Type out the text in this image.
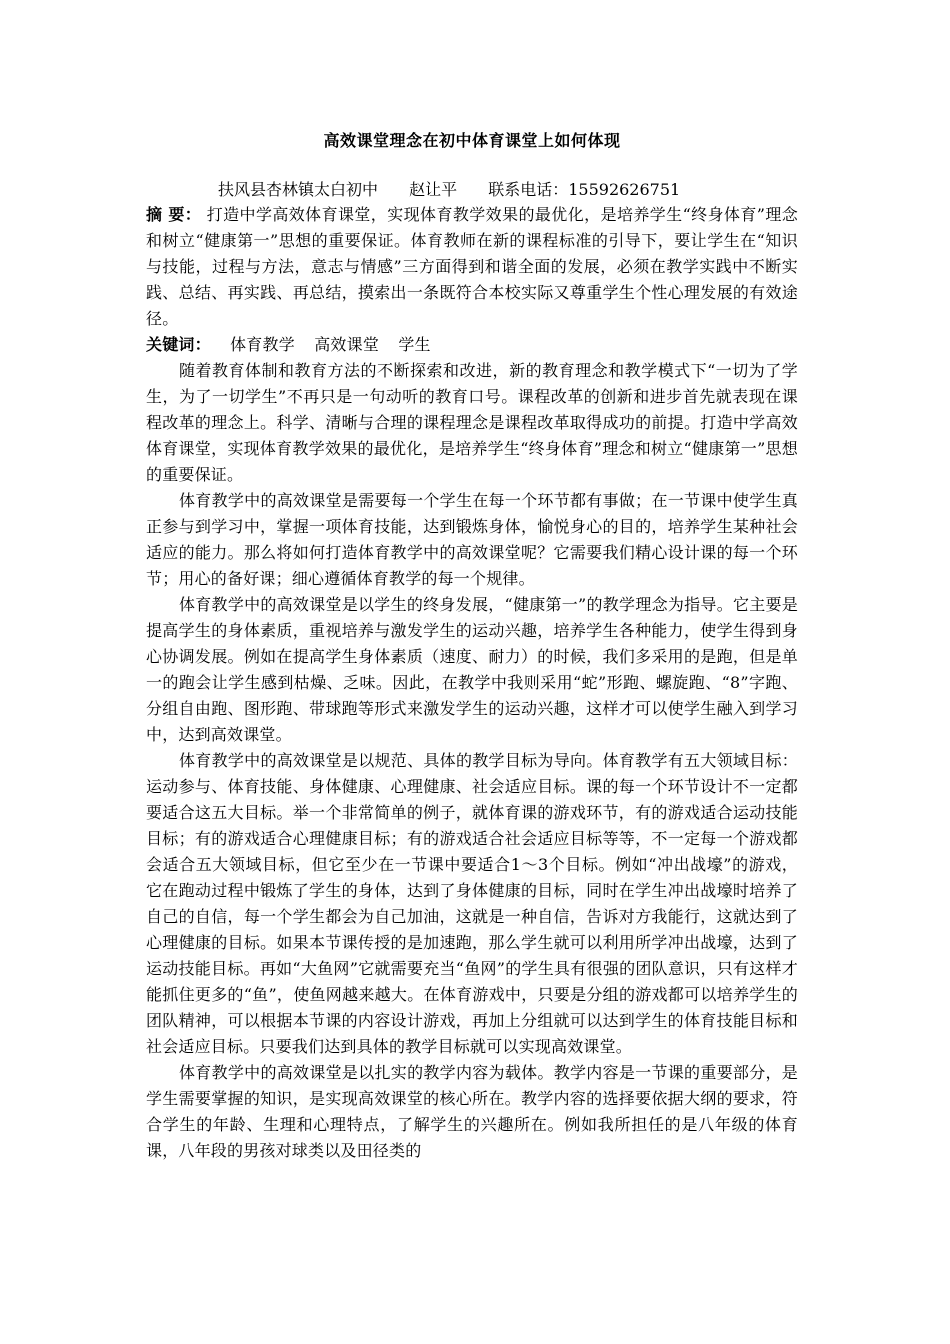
高效课堂理念在初中体育课堂上如何体现
扶风县杏林镇太白初中 赵让平 联系电话：15592626751

摘 要： 打造中学高效体育课堂，实现体育教学效果的最优化，是培养学生“终身体育”理念和树立“健康第一”思想的重要保证。体育教师在新的课程标准的引导下，要让学生在“知识与技能，过程与方法，意志与情感”三方面得到和谐全面的发展，必须在教学实践中不断实践、总结、再实践、再总结，摸索出一条既符合本校实际又尊重学生个性心理发展的有效途径。

关键词： 体育教学 高效课堂 学生

随着教育体制和教育方法的不断探索和改进，新的教育理念和教学模式下“一切为了学生，为了一切学生”不再只是一句动听的教育口号。课程改革的创新和进步首先就表现在课程改革的理念上。科学、清晰与合理的课程理念是课程改革取得成功的前提。打造中学高效体育课堂，实现体育教学效果的最优化，是培养学生“终身体育”理念和树立“健康第一”思想的重要保证。

体育教学中的高效课堂是需要每一个学生在每一个环节都有事做；在一节课中使学生真正参与到学习中，掌握一项体育技能，达到锻炼身体，愉悦身心的目的，培养学生某种社会适应的能力。那么将如何打造体育教学中的高效课堂呢？它需要我们精心设计课的每一个环节；用心的备好课；细心遵循体育教学的每一个规律。

体育教学中的高效课堂是以学生的终身发展，“健康第一”的教学理念为指导。它主要是提高学生的身体素质，重视培养与激发学生的运动兴趣，培养学生各种能力，使学生得到身心协调发展。例如在提高学生身体素质（速度、耐力）的时候，我们多采用的是跑，但是单一的跑会让学生感到枯燥、乏味。因此，在教学中我则采用“蛇”形跑、螺旋跑、“8”字跑、分组自由跑、图形跑、带球跑等形式来激发学生的运动兴趣，这样才可以使学生融入到学习中，达到高效课堂。

体育教学中的高效课堂是以规范、具体的教学目标为导向。体育教学有五大领域目标：运动参与、体育技能、身体健康、心理健康、社会适应目标。课的每一个环节设计不一定都要适合这五大目标。举一个非常简单的例子，就体育课的游戏环节，有的游戏适合运动技能目标；有的游戏适合心理健康目标；有的游戏适合社会适应目标等等，不一定每一个游戏都会适合五大领域目标，但它至少在一节课中要适合1～3个目标。例如“冲出战壕”的游戏，它在跑动过程中锻炼了学生的身体，达到了身体健康的目标，同时在学生冲出战壕时培养了自己的自信，每一个学生都会为自己加油，这就是一种自信，告诉对方我能行，这就达到了心理健康的目标。如果本节课传授的是加速跑，那么学生就可以利用所学冲出战壕，达到了运动技能目标。再如“大鱼网”它就需要充当“鱼网”的学生具有很强的团队意识，只有这样才能抓住更多的“鱼”，使鱼网越来越大。在体育游戏中，只要是分组的游戏都可以培养学生的团队精神，可以根据本节课的内容设计游戏，再加上分组就可以达到学生的体育技能目标和社会适应目标。只要我们达到具体的教学目标就可以实现高效课堂。

体育教学中的高效课堂是以扎实的教学内容为载体。教学内容是一节课的重要部分，是学生需要掌握的知识，是实现高效课堂的核心所在。教学内容的选择要依据大纲的要求，符合学生的年龄、生理和心理特点，了解学生的兴趣所在。例如我所担任的是八年级的体育课，八年段的男孩对球类以及田径类的
